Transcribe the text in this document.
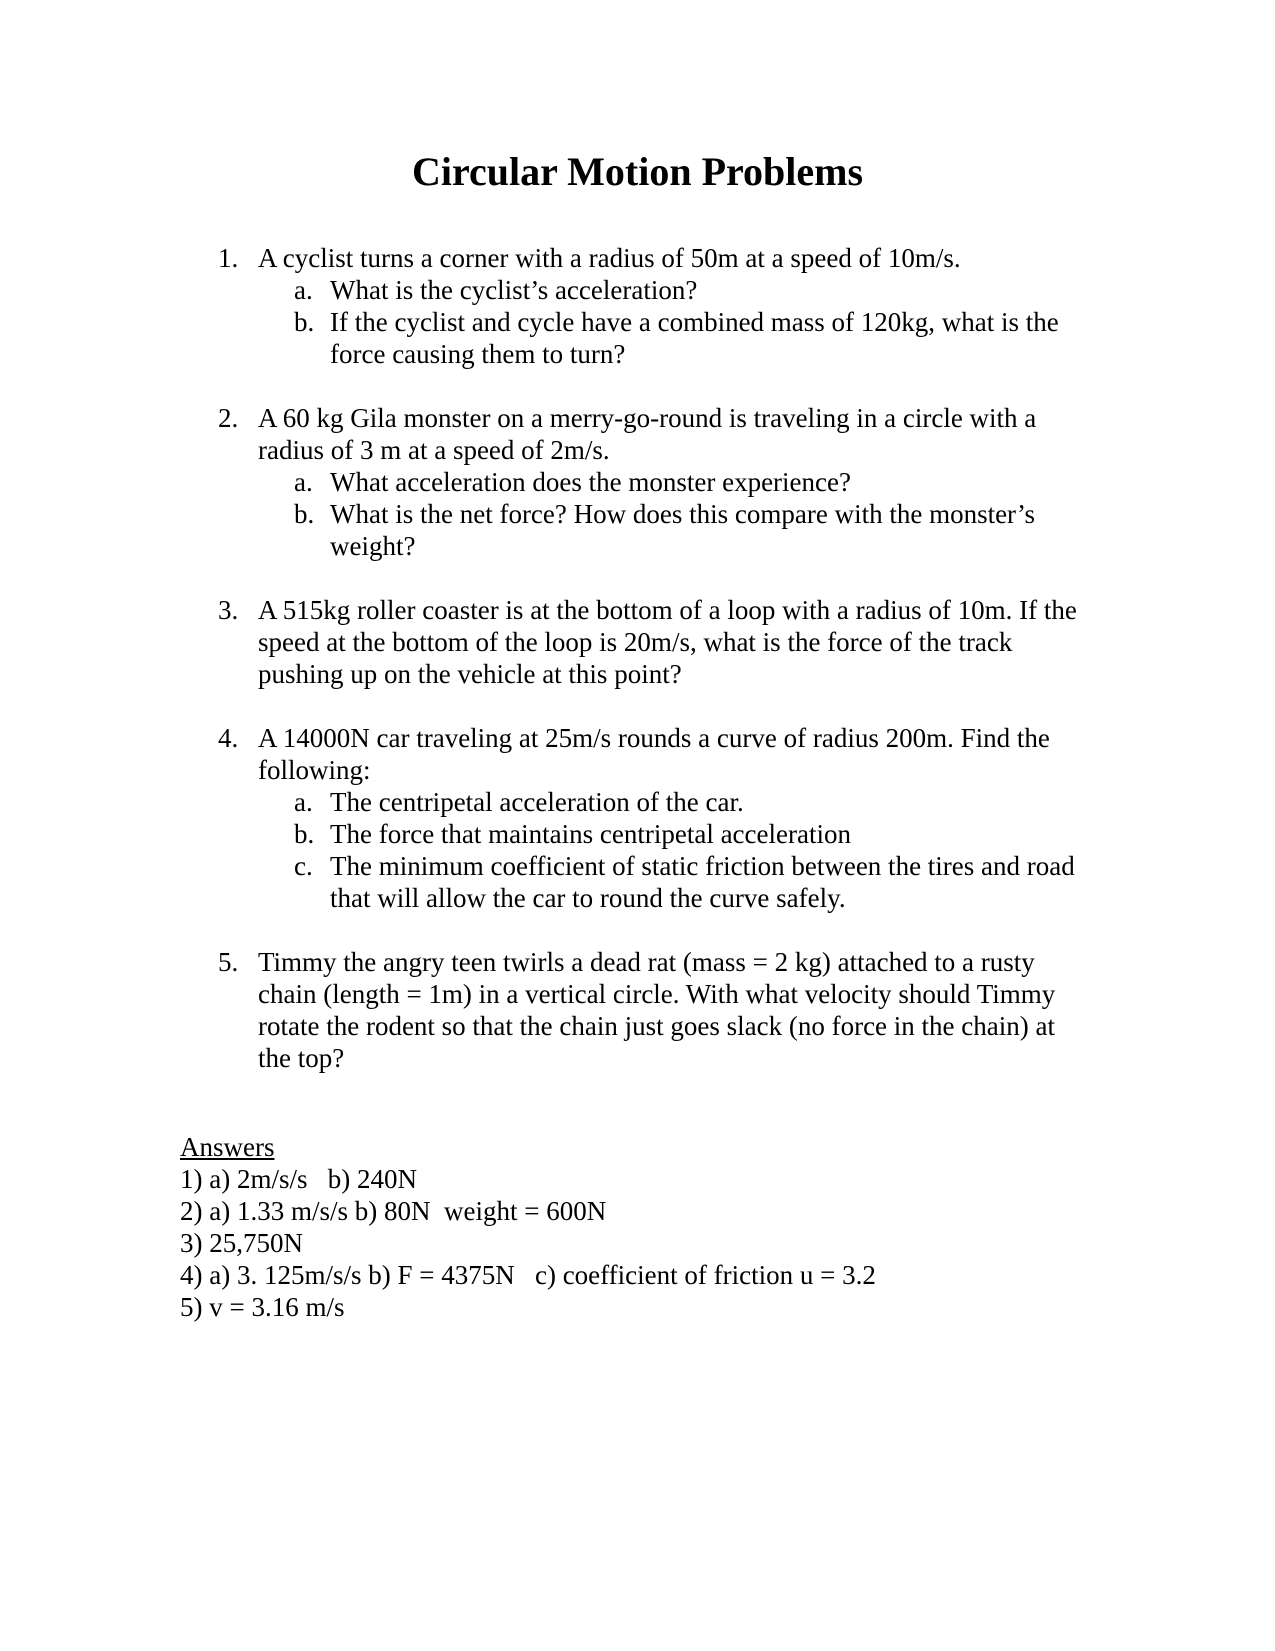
Circular Motion Problems
1. A cyclist turns a corner with a radius of 50m at a speed of 10m/s.
a. What is the cyclist’s acceleration?
b. If the cyclist and cycle have a combined mass of 120kg, what is the force causing them to turn?
2. A 60 kg Gila monster on a merry-go-round is traveling in a circle with a radius of 3 m at a speed of 2m/s.
a. What acceleration does the monster experience?
b. What is the net force? How does this compare with the monster’s weight?
3. A 515kg roller coaster is at the bottom of a loop with a radius of 10m. If the speed at the bottom of the loop is 20m/s, what is the force of the track pushing up on the vehicle at this point?
4. A 14000N car traveling at 25m/s rounds a curve of radius 200m. Find the following:
a. The centripetal acceleration of the car.
b. The force that maintains centripetal acceleration
c. The minimum coefficient of static friction between the tires and road that will allow the car to round the curve safely.
5. Timmy the angry teen twirls a dead rat (mass = 2 kg) attached to a rusty chain (length = 1m) in a vertical circle. With what velocity should Timmy rotate the rodent so that the chain just goes slack (no force in the chain) at the top?
Answers
1) a) 2m/s/s   b) 240N
2) a) 1.33 m/s/s b) 80N  weight = 600N
3) 25,750N
4) a) 3. 125m/s/s b) F = 4375N   c) coefficient of friction u = 3.2
5) v = 3.16 m/s
